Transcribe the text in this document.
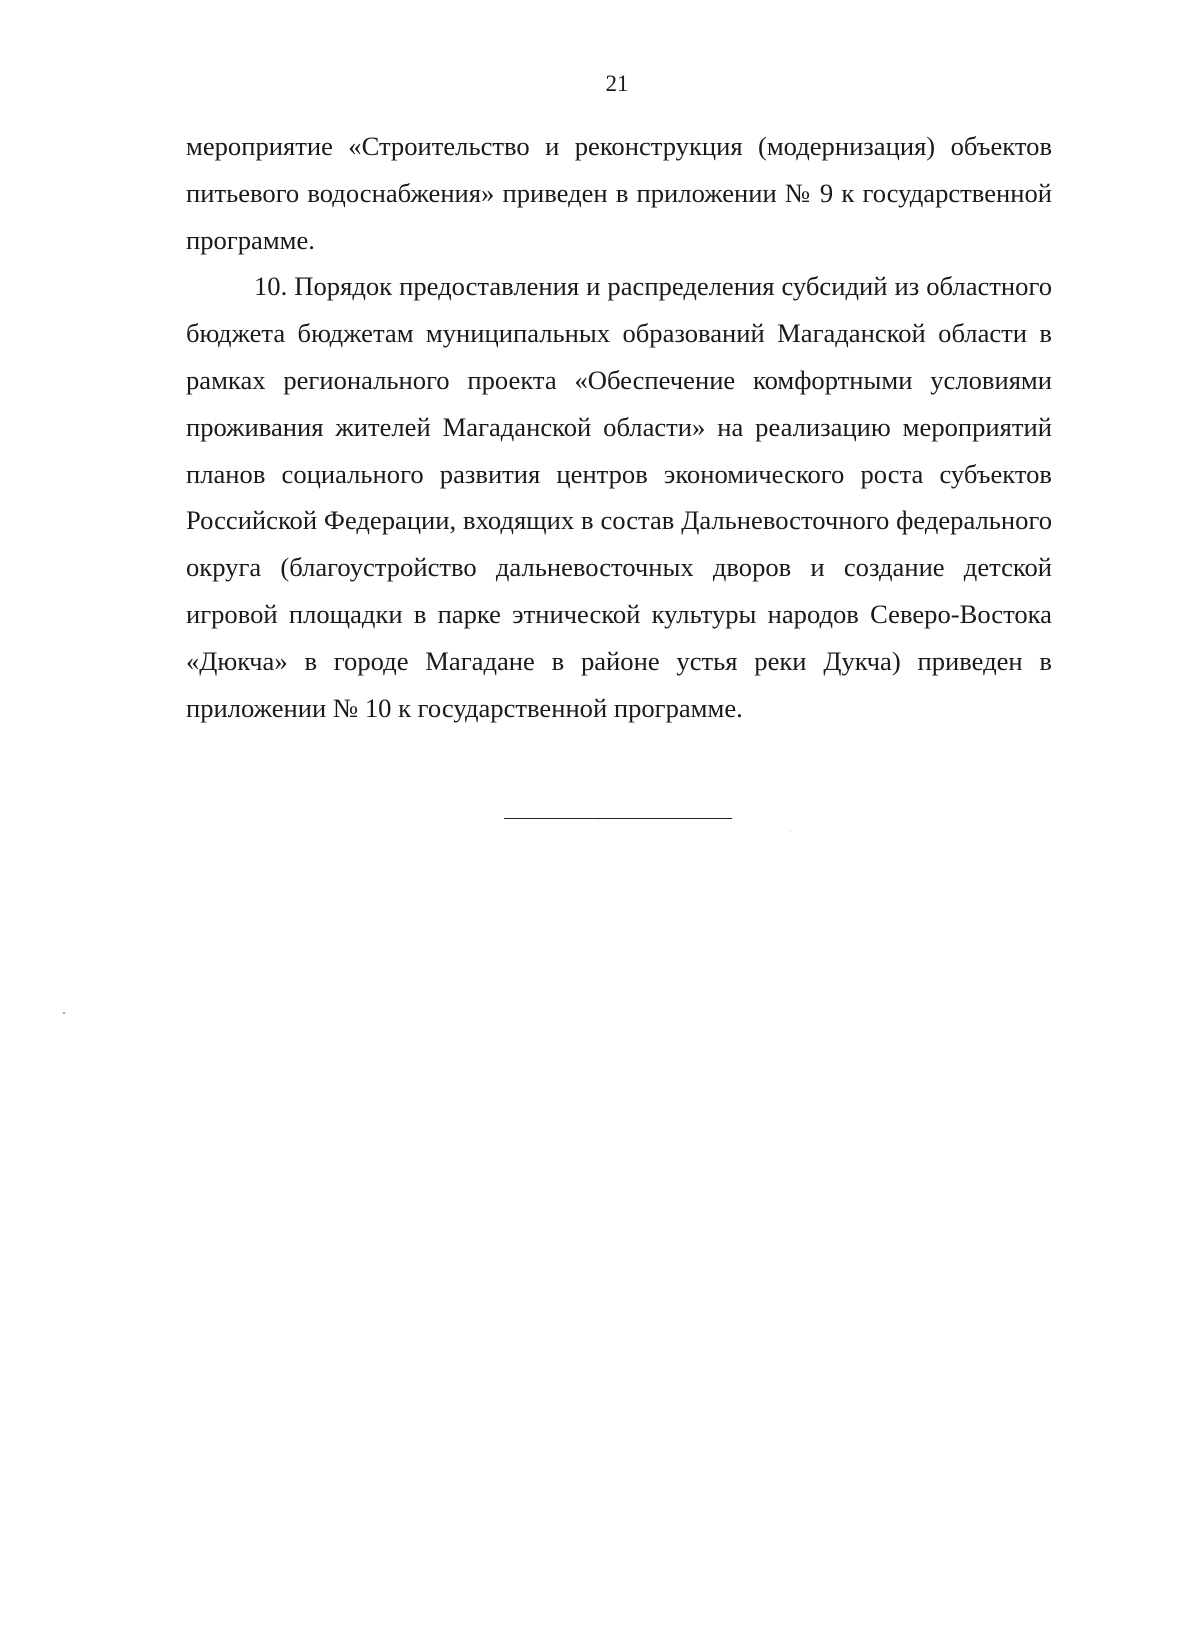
21

мероприятие «Строительство и реконструкция (модернизация) объектов питьевого водоснабжения» приведен в приложении № 9 к государственной программе.

10. Порядок предоставления и распределения субсидий из областного бюджета бюджетам муниципальных образований Магаданской области в рамках регионального проекта «Обеспечение комфортными условиями проживания жителей Магаданской области» на реализацию мероприятий планов социального развития центров экономического роста субъектов Российской Федерации, входящих в состав Дальневосточного федерального округа (благоустройство дальневосточных дворов и создание детской игровой площадки в парке этнической культуры народов Северо-Востока «Дюкча» в городе Магадане в районе устья реки Дукча) приведен в приложении № 10 к государственной программе.
